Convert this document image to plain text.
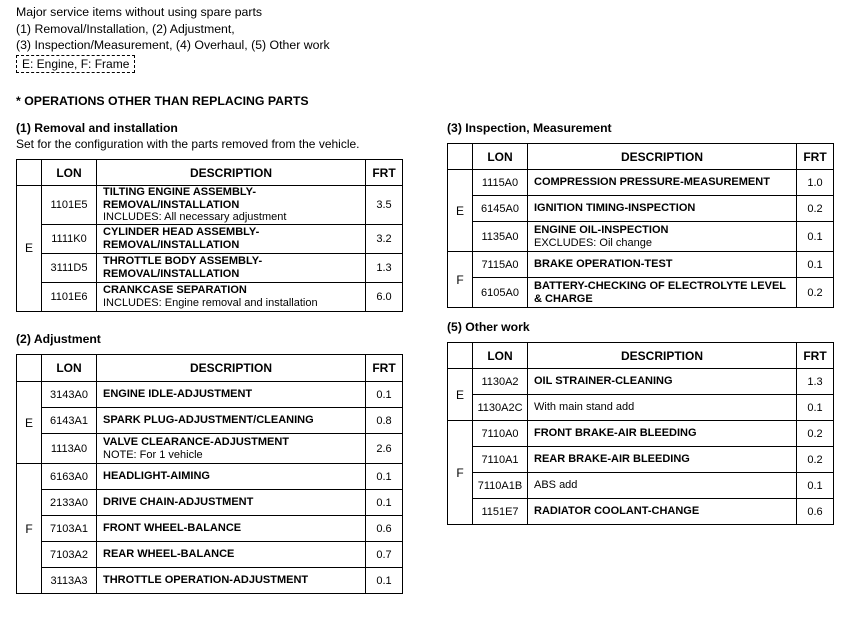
Major service items without using spare parts
(1) Removal/Installation, (2) Adjustment,
(3) Inspection/Measurement, (4) Overhaul, (5) Other work
E: Engine, F: Frame
* OPERATIONS OTHER THAN REPLACING PARTS
(1) Removal and installation
Set for the configuration with the parts removed from the vehicle.
	LON	DESCRIPTION	FRT
E	1101E5	TILTING ENGINE ASSEMBLY-REMOVAL/INSTALLATION
INCLUDES: All necessary adjustment	3.5
	1111K0	CYLINDER HEAD ASSEMBLY-REMOVAL/INSTALLATION	3.2
	3111D5	THROTTLE BODY ASSEMBLY-REMOVAL/INSTALLATION	1.3
	1101E6	CRANKCASE SEPARATION
INCLUDES: Engine removal and installation	6.0
(2) Adjustment
	LON	DESCRIPTION	FRT
E	3143A0	ENGINE IDLE-ADJUSTMENT	0.1
	6143A1	SPARK PLUG-ADJUSTMENT/CLEANING	0.8
	1113A0	VALVE CLEARANCE-ADJUSTMENT
NOTE: For 1 vehicle	2.6
F	6163A0	HEADLIGHT-AIMING	0.1
	2133A0	DRIVE CHAIN-ADJUSTMENT	0.1
	7103A1	FRONT WHEEL-BALANCE	0.6
	7103A2	REAR WHEEL-BALANCE	0.7
	3113A3	THROTTLE OPERATION-ADJUSTMENT	0.1
(3) Inspection, Measurement
	LON	DESCRIPTION	FRT
E	1115A0	COMPRESSION PRESSURE-MEASUREMENT	1.0
	6145A0	IGNITION TIMING-INSPECTION	0.2
	1135A0	ENGINE OIL-INSPECTION
EXCLUDES: Oil change	0.1
F	7115A0	BRAKE OPERATION-TEST	0.1
	6105A0	BATTERY-CHECKING OF ELECTROLYTE LEVEL & CHARGE	0.2
(5) Other work
	LON	DESCRIPTION	FRT
E	1130A2	OIL STRAINER-CLEANING	1.3
	1130A2C	With main stand add	0.1
F	7110A0	FRONT BRAKE-AIR BLEEDING	0.2
	7110A1	REAR BRAKE-AIR BLEEDING	0.2
	7110A1B	ABS add	0.1
	1151E7	RADIATOR COOLANT-CHANGE	0.6
